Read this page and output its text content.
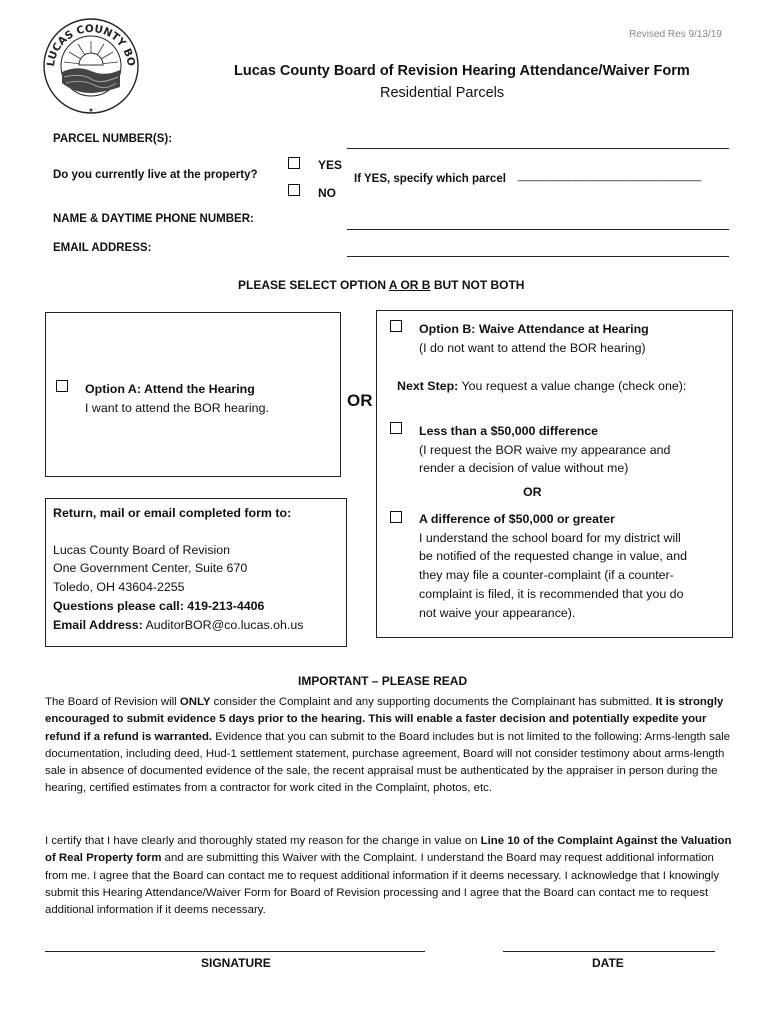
LUCAS COUNTY BO
★
Revised Res 9/13/19
Lucas County Board of Revision Hearing Attendance/Waiver Form
Residential Parcels
PARCEL NUMBER(S):
Do you currently live at the property?
YES
NO
If YES, specify which parcel ________________________________
NAME & DAYTIME PHONE NUMBER:
EMAIL ADDRESS:
PLEASE SELECT OPTION A OR B BUT NOT BOTH
Option A: Attend the Hearing
I want to attend the BOR hearing.	OR
Return, mail or email completed form to:
Lucas County Board of Revision
One Government Center, Suite 670
Toledo, OH 43604-2255
Questions please call: 419-213-4406
Email Address: AuditorBOR@co.lucas.oh.us
Option B: Waive Attendance at Hearing
(I do not want to attend the BOR hearing)
Next Step: You request a value change (check one):
Less than a $50,000 difference
(I request the BOR waive my appearance and
render a decision of value without me)
OR
A difference of $50,000 or greater
I understand the school board for my district will
be notified of the requested change in value, and
they may file a counter-complaint (if a counter-
complaint is filed, it is recommended that you do
not waive your appearance).
IMPORTANT – PLEASE READ
The Board of Revision will ONLY consider the Complaint and any supporting documents the Complainant has submitted. It is strongly encouraged to submit evidence 5 days prior to the hearing. This will enable a faster decision and potentially expedite your refund if a refund is warranted. Evidence that you can submit to the Board includes but is not limited to the following: Arms-length sale documentation, including deed, Hud-1 settlement statement, purchase agreement, Board will not consider testimony about arms-length sale in absence of documented evidence of the sale, the recent appraisal must be authenticated by the appraiser in person during the hearing, certified estimates from a contractor for work cited in the Complaint, photos, etc.
I certify that I have clearly and thoroughly stated my reason for the change in value on Line 10 of the Complaint Against the Valuation of Real Property form and are submitting this Waiver with the Complaint. I understand the Board may request additional information from me. I agree that the Board can contact me to request additional information if it deems necessary. I acknowledge that I knowingly submit this Hearing Attendance/Waiver Form for Board of Revision processing and I agree that the Board can contact me to request additional information if it deems necessary.
SIGNATURE	DATE
